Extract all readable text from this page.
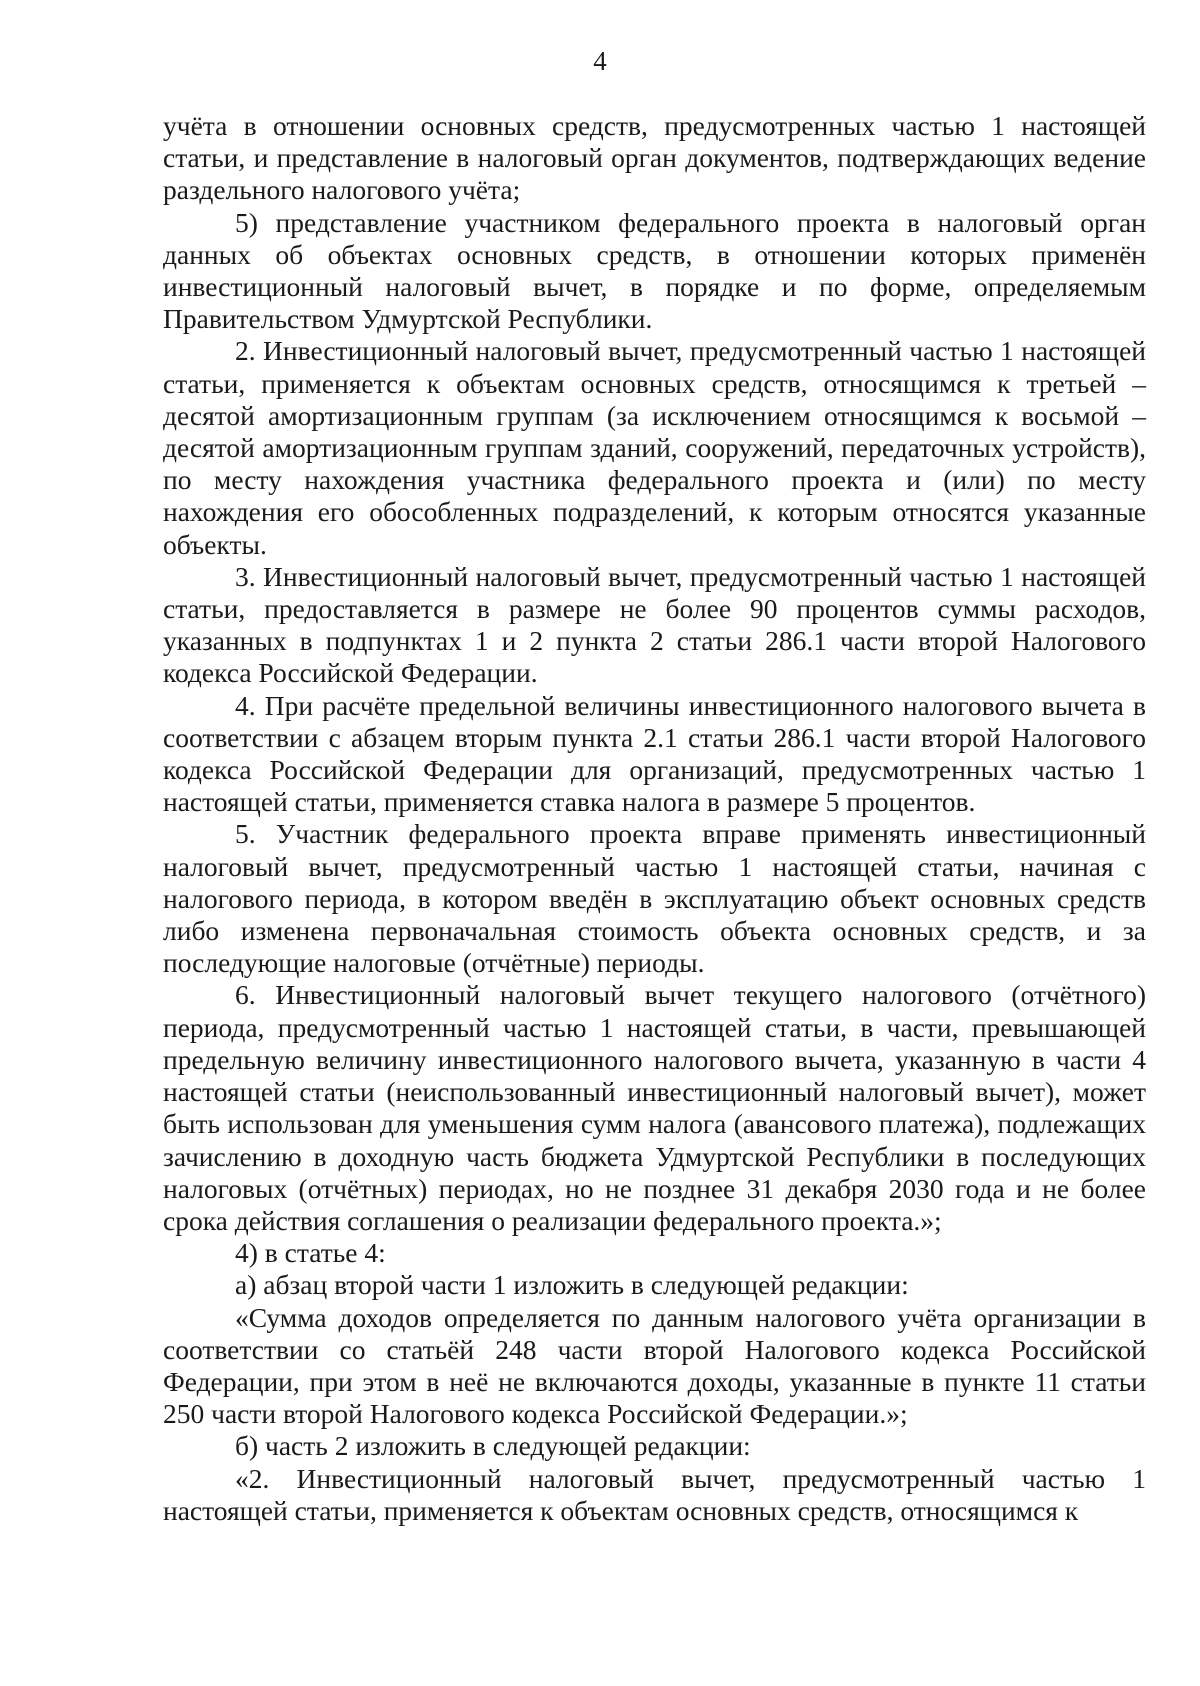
4

учёта в отношении основных средств, предусмотренных частью 1 настоящей статьи, и представление в налоговый орган документов, подтверждающих ведение раздельного налогового учёта;

5) представление участником федерального проекта в налоговый орган данных об объектах основных средств, в отношении которых применён инвестиционный налоговый вычет, в порядке и по форме, определяемым Правительством Удмуртской Республики.

2. Инвестиционный налоговый вычет, предусмотренный частью 1 настоящей статьи, применяется к объектам основных средств, относящимся к третьей – десятой амортизационным группам (за исключением относящимся к восьмой – десятой амортизационным группам зданий, сооружений, передаточных устройств), по месту нахождения участника федерального проекта и (или) по месту нахождения его обособленных подразделений, к которым относятся указанные объекты.

3. Инвестиционный налоговый вычет, предусмотренный частью 1 настоящей статьи, предоставляется в размере не более 90 процентов суммы расходов, указанных в подпунктах 1 и 2 пункта 2 статьи 286.1 части второй Налогового кодекса Российской Федерации.

4. При расчёте предельной величины инвестиционного налогового вычета в соответствии с абзацем вторым пункта 2.1 статьи 286.1 части второй Налогового кодекса Российской Федерации для организаций, предусмотренных частью 1 настоящей статьи, применяется ставка налога в размере 5 процентов.

5. Участник федерального проекта вправе применять инвестиционный налоговый вычет, предусмотренный частью 1 настоящей статьи, начиная с налогового периода, в котором введён в эксплуатацию объект основных средств либо изменена первоначальная стоимость объекта основных средств, и за последующие налоговые (отчётные) периоды.

6. Инвестиционный налоговый вычет текущего налогового (отчётного) периода, предусмотренный частью 1 настоящей статьи, в части, превышающей предельную величину инвестиционного налогового вычета, указанную в части 4 настоящей статьи (неиспользованный инвестиционный налоговый вычет), может быть использован для уменьшения сумм налога (авансового платежа), подлежащих зачислению в доходную часть бюджета Удмуртской Республики в последующих налоговых (отчётных) периодах, но не позднее 31 декабря 2030 года и не более срока действия соглашения о реализации федерального проекта.»;

4) в статье 4:

а) абзац второй части 1 изложить в следующей редакции:

«Сумма доходов определяется по данным налогового учёта организации в соответствии со статьёй 248 части второй Налогового кодекса Российской Федерации, при этом в неё не включаются доходы, указанные в пункте 11 статьи 250 части второй Налогового кодекса Российской Федерации.»;

б) часть 2 изложить в следующей редакции:

«2. Инвестиционный налоговый вычет, предусмотренный частью 1 настоящей статьи, применяется к объектам основных средств, относящимся к
